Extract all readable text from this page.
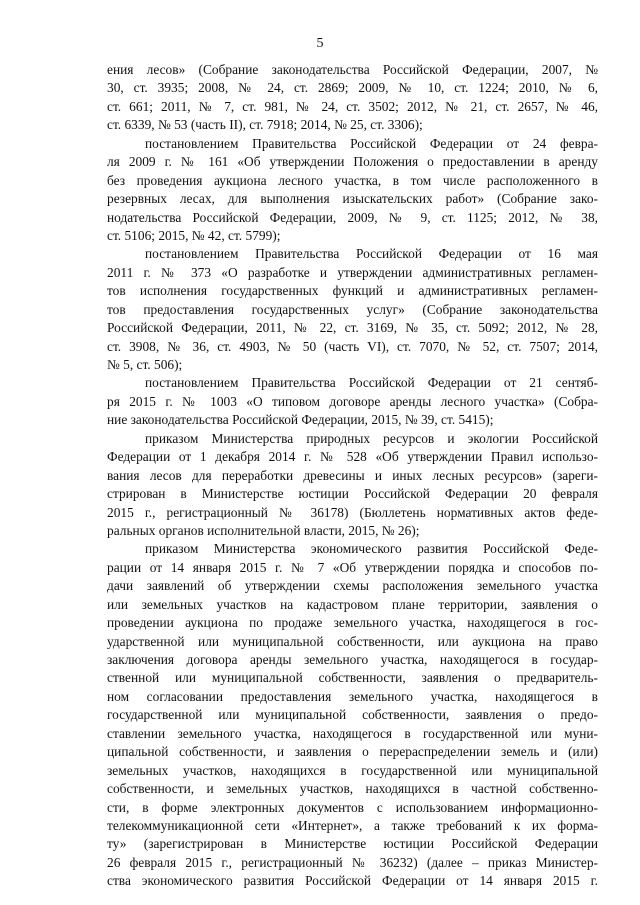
5
ения лесов» (Собрание законодательства Российской Федерации, 2007, №
30, ст. 3935; 2008, № 24, ст. 2869; 2009, № 10, ст. 1224; 2010, № 6,
ст. 661; 2011, № 7, ст. 981, № 24, ст. 3502; 2012, № 21, ст. 2657, № 46,
ст. 6339, № 53 (часть II), ст. 7918; 2014, № 25, ст. 3306);
постановлением Правительства Российской Федерации от 24 февра-
ля 2009 г. № 161 «Об утверждении Положения о предоставлении в аренду
без проведения аукциона лесного участка, в том числе расположенного в
резервных лесах, для выполнения изыскательских работ» (Собрание зако-
нодательства Российской Федерации, 2009, № 9, ст. 1125; 2012, № 38,
ст. 5106; 2015, № 42, ст. 5799);
постановлением Правительства Российской Федерации от 16 мая
2011 г. № 373 «О разработке и утверждении административных регламен-
тов исполнения государственных функций и административных регламен-
тов предоставления государственных услуг» (Собрание законодательства
Российской Федерации, 2011, № 22, ст. 3169, № 35, ст. 5092; 2012, № 28,
ст. 3908, № 36, ст. 4903, № 50 (часть VI), ст. 7070, № 52, ст. 7507; 2014,
№ 5, ст. 506);
постановлением Правительства Российской Федерации от 21 сентяб-
ря 2015 г. № 1003 «О типовом договоре аренды лесного участка» (Собра-
ние законодательства Российской Федерации, 2015, № 39, ст. 5415);
приказом Министерства природных ресурсов и экологии Российской
Федерации от 1 декабря 2014 г. № 528 «Об утверждении Правил использо-
вания лесов для переработки древесины и иных лесных ресурсов» (зареги-
стрирован в Министерстве юстиции Российской Федерации 20 февраля
2015 г., регистрационный № 36178) (Бюллетень нормативных актов феде-
ральных органов исполнительной власти, 2015, № 26);
приказом Министерства экономического развития Российской Феде-
рации от 14 января 2015 г. № 7 «Об утверждении порядка и способов по-
дачи заявлений об утверждении схемы расположения земельного участка
или земельных участков на кадастровом плане территории, заявления о
проведении аукциона по продаже земельного участка, находящегося в гос-
ударственной или муниципальной собственности, или аукциона на право
заключения договора аренды земельного участка, находящегося в государ-
ственной или муниципальной собственности, заявления о предваритель-
ном согласовании предоставления земельного участка, находящегося в
государственной или муниципальной собственности, заявления о предо-
ставлении земельного участка, находящегося в государственной или муни-
ципальной собственности, и заявления о перераспределении земель и (или)
земельных участков, находящихся в государственной или муниципальной
собственности, и земельных участков, находящихся в частной собственно-
сти, в форме электронных документов с использованием информационно-
телекоммуникационной сети «Интернет», а также требований к их форма-
ту» (зарегистрирован в Министерстве юстиции Российской Федерации
26 февраля 2015 г., регистрационный № 36232) (далее – приказ Министер-
ства экономического развития Российской Федерации от 14 января 2015 г.
